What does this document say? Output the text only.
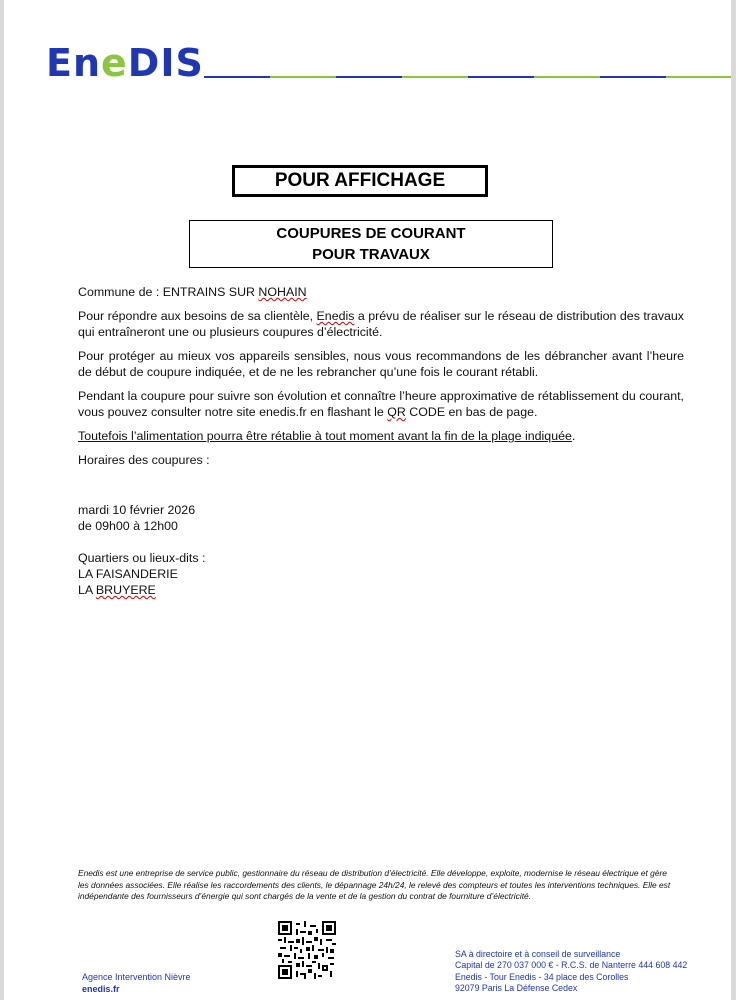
EneDIS
POUR AFFICHAGE
COUPURES DE COURANT
POUR TRAVAUX

Commune de : ENTRAINS SUR NOHAIN

Pour répondre aux besoins de sa clientèle, Enedis a prévu de réaliser sur le réseau de distribution des travaux qui entraîneront une ou plusieurs coupures d’électricité.

Pour protéger au mieux vos appareils sensibles, nous vous recommandons de les débrancher avant l’heure de début de coupure indiquée, et de ne les rebrancher qu’une fois le courant rétabli.

Pendant la coupure pour suivre son évolution et connaître l’heure approximative de rétablissement du courant, vous pouvez consulter notre site enedis.fr en flashant le QR CODE en bas de page.

Toutefois l’alimentation pourra être rétablie à tout moment avant la fin de la plage indiquée.

Horaires des coupures :

mardi 10 février 2026
de 09h00 à 12h00
Quartiers ou lieux-dits :
LA FAISANDERIE
LA BRUYERE
Enedis est une entreprise de service public, gestionnaire du réseau de distribution d’électricité. Elle développe, exploite, modernise le réseau électrique et gère les données associées. Elle réalise les raccordements des clients, le dépannage 24h/24, le relevé des compteurs et toutes les interventions techniques. Elle est indépendante des fournisseurs d’énergie qui sont chargés de la vente et de la gestion du contrat de fourniture d’électricité.
Agence Intervention Nièvre
enedis.fr
SA à directoire et à conseil de surveillance
Capital de 270 037 000 € - R.C.S. de Nanterre 444 608 442
Enedis - Tour Enedis - 34 place des Corolles
92079 Paris La Défense Cedex
